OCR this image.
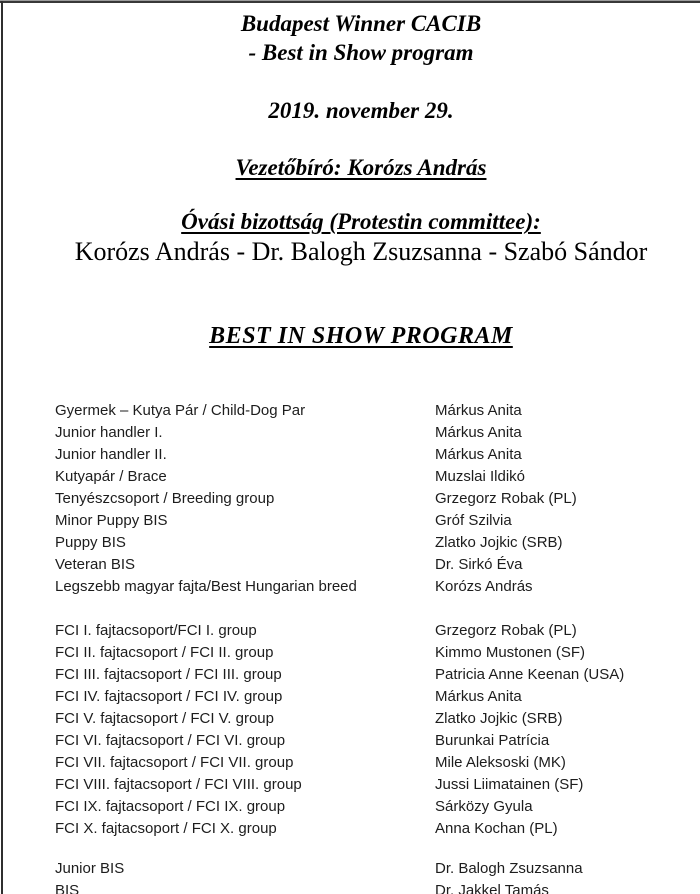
Budapest Winner CACIB
- Best in Show program
2019. november 29.
Vezetőbíró: Korózs András
Óvási bizottság (Protestin committee):
Korózs András - Dr. Balogh Zsuzsanna - Szabó Sándor
BEST IN SHOW PROGRAM
Gyermek – Kutya Pár / Child-Dog Par	Márkus Anita
Junior handler I.	Márkus Anita
Junior handler II.	Márkus Anita
Kutyapár / Brace	Muzslai Ildikó
Tenyészcsoport / Breeding group	Grzegorz Robak (PL)
Minor Puppy BIS	Gróf Szilvia
Puppy BIS	Zlatko Jojkic (SRB)
Veteran BIS	Dr. Sirkó Éva
Legszebb magyar fajta/Best Hungarian breed	Korózs András
FCI I. fajtacsoport/FCI I. group	Grzegorz Robak (PL)
FCI II. fajtacsoport / FCI II. group	Kimmo Mustonen (SF)
FCI III. fajtacsoport / FCI III. group	Patricia Anne Keenan (USA)
FCI IV. fajtacsoport / FCI IV. group	Márkus Anita
FCI V. fajtacsoport / FCI V. group	Zlatko Jojkic (SRB)
FCI VI. fajtacsoport / FCI VI. group	Burunkai Patrícia
FCI VII. fajtacsoport / FCI VII. group	Mile Aleksoski (MK)
FCI VIII. fajtacsoport / FCI VIII. group	Jussi Liimatainen (SF)
FCI IX. fajtacsoport / FCI IX. group	Sárközy Gyula
FCI X. fajtacsoport / FCI X. group	Anna Kochan (PL)
Junior BIS	Dr. Balogh Zsuzsanna
BIS	Dr. Jakkel Tamás
